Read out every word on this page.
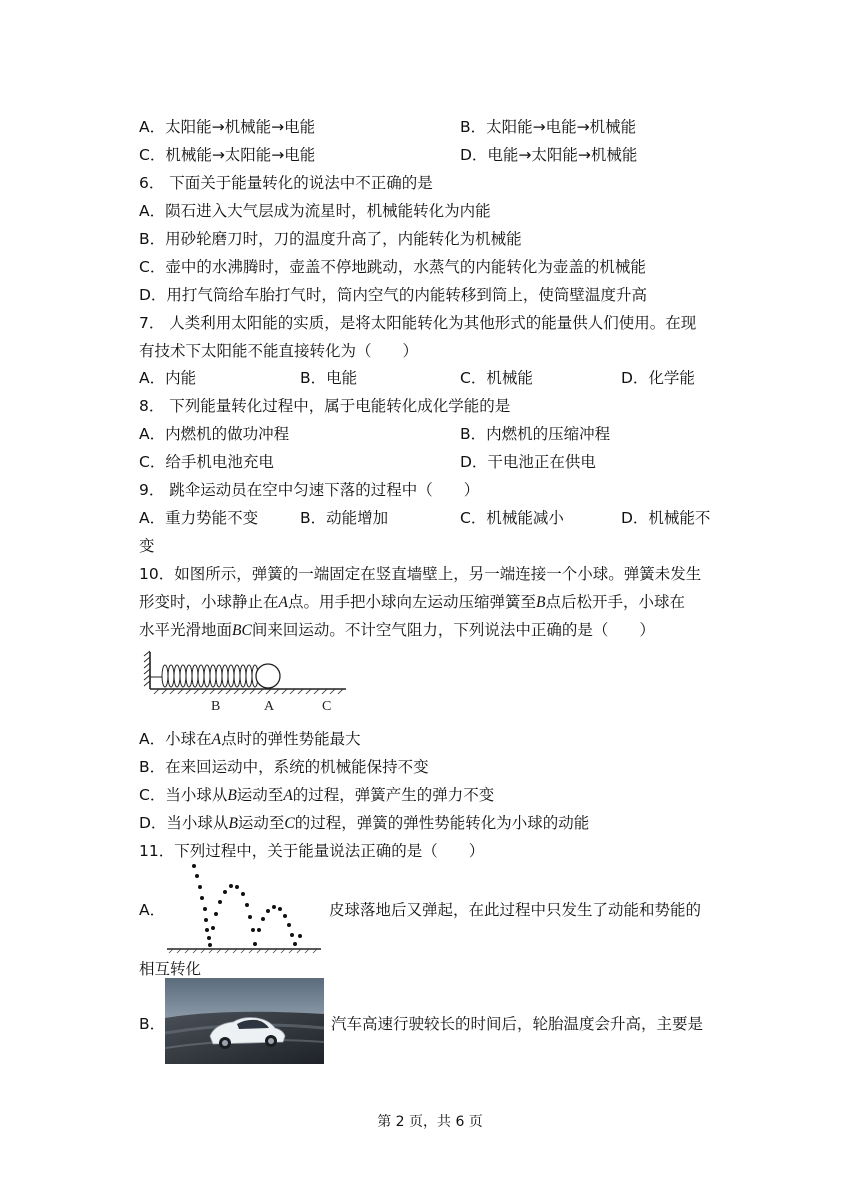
A．太阳能→机械能→电能	B．太阳能→电能→机械能
C．机械能→太阳能→电能	D．电能→太阳能→机械能
6． 下面关于能量转化的说法中不正确的是
A．陨石进入大气层成为流星时，机械能转化为内能
B．用砂轮磨刀时，刀的温度升高了，内能转化为机械能
C．壶中的水沸腾时，壶盖不停地跳动，水蒸气的内能转化为壶盖的机械能
D．用打气筒给车胎打气时，筒内空气的内能转移到筒上，使筒壁温度升高
7． 人类利用太阳能的实质，是将太阳能转化为其他形式的能量供人们使用。在现
有技术下太阳能不能直接转化为（　　）
A．内能	B．电能	C．机械能	D．化学能
8． 下列能量转化过程中，属于电能转化成化学能的是
A．内燃机的做功冲程	B．内燃机的压缩冲程
C．给手机电池充电	D．干电池正在供电
9． 跳伞运动员在空中匀速下落的过程中（　　）
A．重力势能不变	B．动能增加	C．机械能减小	D．机械能不
变
10．如图所示，弹簧的一端固定在竖直墙壁上，另一端连接一个小球。弹簧未发生
形变时，小球静止在A点。用手把小球向左运动压缩弹簧至B点后松开手，小球在
水平光滑地面BC间来回运动。不计空气阻力，下列说法中正确的是（　　）
B	A	C
A．小球在A点时的弹性势能最大
B．在来回运动中，系统的机械能保持不变
C．当小球从B运动至A的过程，弹簧产生的弹力不变
D．当小球从B运动至C的过程，弹簧的弹性势能转化为小球的动能
11．下列过程中，关于能量说法正确的是（　　）
A．	皮球落地后又弹起，在此过程中只发生了动能和势能的
相互转化
B．	汽车高速行驶较长的时间后，轮胎温度会升高，主要是
第 2 页，共 6 页
